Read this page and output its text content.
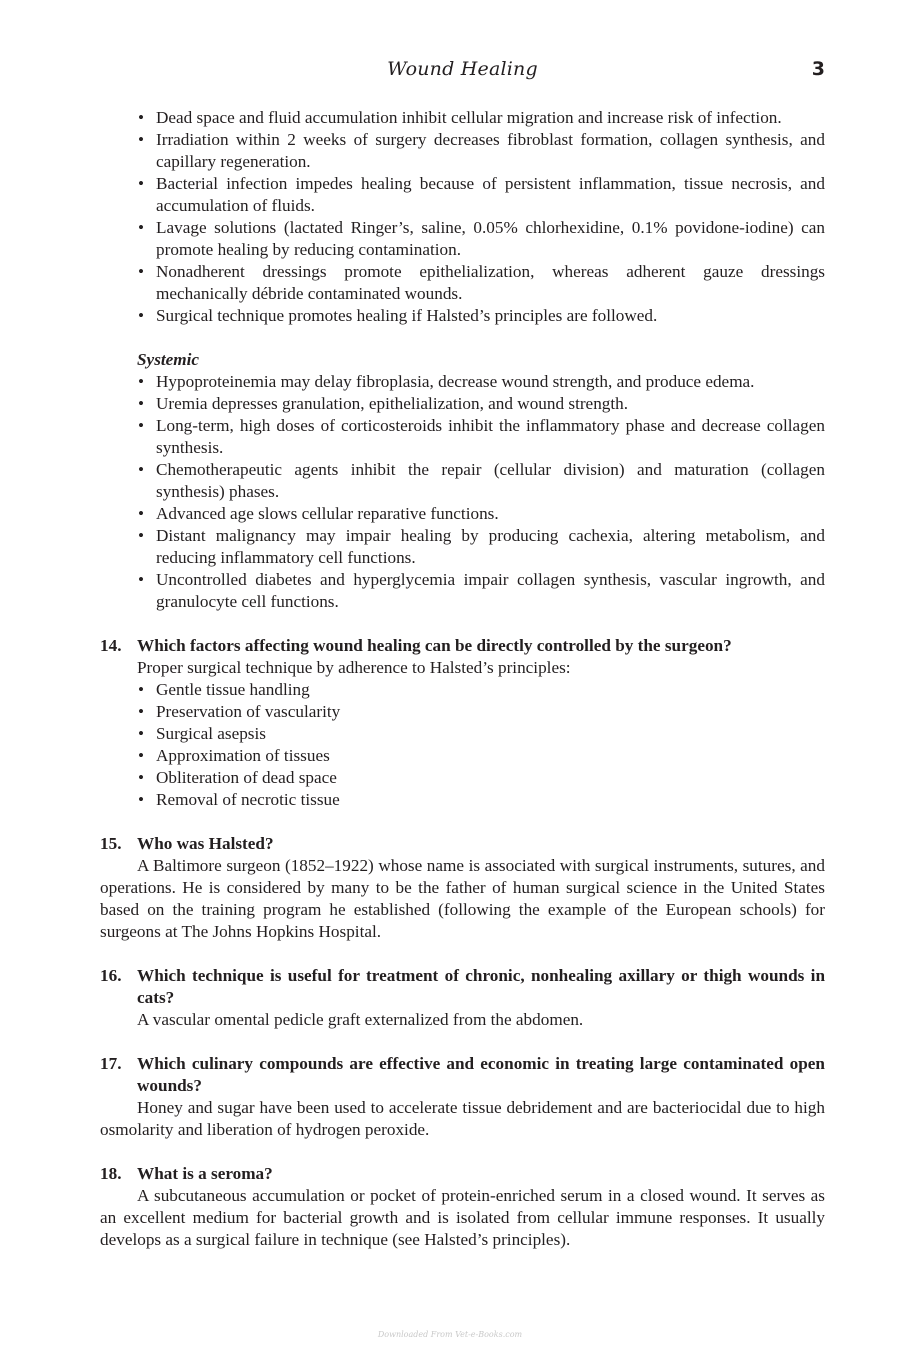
Wound Healing	3
• Dead space and fluid accumulation inhibit cellular migration and increase risk of infection.
• Irradiation within 2 weeks of surgery decreases fibroblast formation, collagen synthesis, and capillary regeneration.
• Bacterial infection impedes healing because of persistent inflammation, tissue necrosis, and accumulation of fluids.
• Lavage solutions (lactated Ringer’s, saline, 0.05% chlorhexidine, 0.1% povidone-iodine) can promote healing by reducing contamination.
• Nonadherent dressings promote epithelialization, whereas adherent gauze dressings mechanically débride contaminated wounds.
• Surgical technique promotes healing if Halsted’s principles are followed.
Systemic
• Hypoproteinemia may delay fibroplasia, decrease wound strength, and produce edema.
• Uremia depresses granulation, epithelialization, and wound strength.
• Long-term, high doses of corticosteroids inhibit the inflammatory phase and decrease collagen synthesis.
• Chemotherapeutic agents inhibit the repair (cellular division) and maturation (collagen synthesis) phases.
• Advanced age slows cellular reparative functions.
• Distant malignancy may impair healing by producing cachexia, altering metabolism, and reducing inflammatory cell functions.
• Uncontrolled diabetes and hyperglycemia impair collagen synthesis, vascular ingrowth, and granulocyte cell functions.
14. Which factors affecting wound healing can be directly controlled by the surgeon?
Proper surgical technique by adherence to Halsted’s principles:
• Gentle tissue handling
• Preservation of vascularity
• Surgical asepsis
• Approximation of tissues
• Obliteration of dead space
• Removal of necrotic tissue
15. Who was Halsted?
A Baltimore surgeon (1852–1922) whose name is associated with surgical instruments, sutures, and operations. He is considered by many to be the father of human surgical science in the United States based on the training program he established (following the example of the European schools) for surgeons at The Johns Hopkins Hospital.
16. Which technique is useful for treatment of chronic, nonhealing axillary or thigh wounds in cats?
A vascular omental pedicle graft externalized from the abdomen.
17. Which culinary compounds are effective and economic in treating large contaminated open wounds?
Honey and sugar have been used to accelerate tissue debridement and are bacteriocidal due to high osmolarity and liberation of hydrogen peroxide.
18. What is a seroma?
A subcutaneous accumulation or pocket of protein-enriched serum in a closed wound. It serves as an excellent medium for bacterial growth and is isolated from cellular immune responses. It usually develops as a surgical failure in technique (see Halsted’s principles).
Downloaded From Vet-e-Books.com
